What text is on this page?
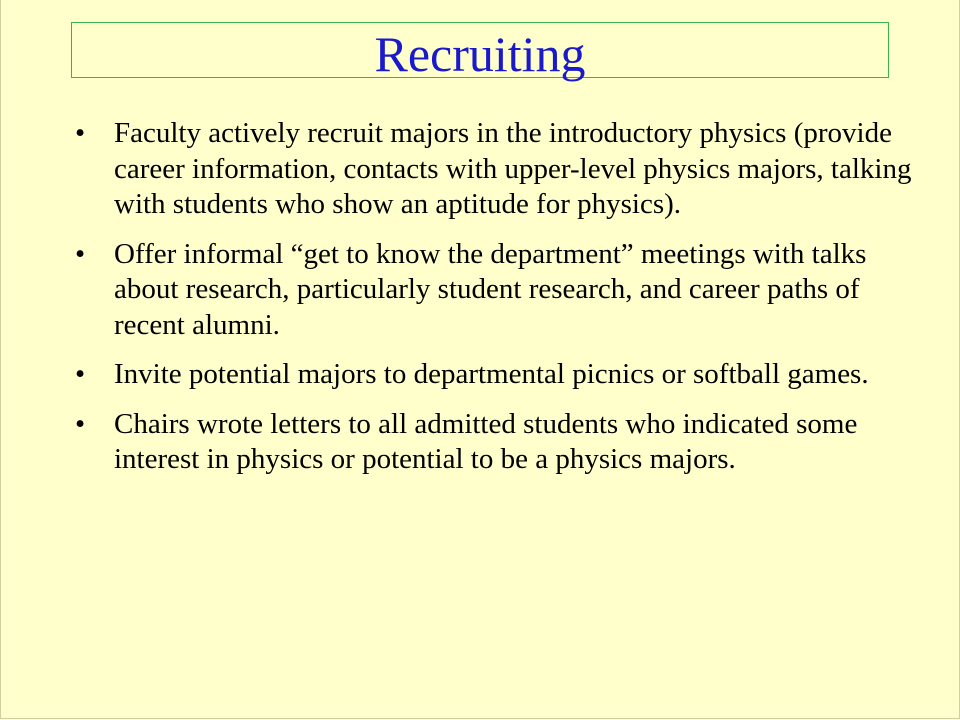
Recruiting
• Faculty actively recruit majors in the introductory physics (provide career information, contacts with upper-level physics majors, talking with students who show an aptitude for physics).
• Offer informal “get to know the department” meetings with talks about research, particularly student research, and career paths of recent alumni.
• Invite potential majors to departmental picnics or softball games.
• Chairs wrote letters to all admitted students who indicated some interest in physics or potential to be a physics majors.
